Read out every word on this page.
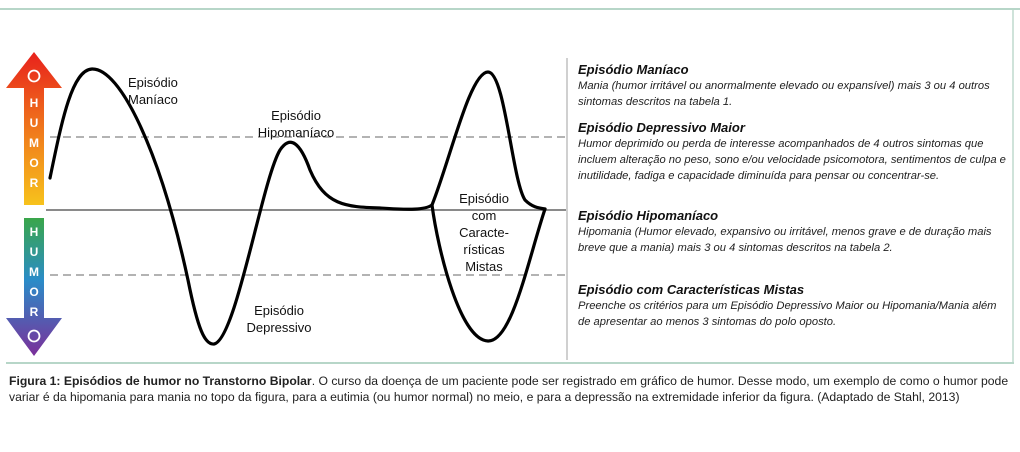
H
U
M
O
R
H
U
M
O
R
Episódio
Maníaco
Episódio
Hipomaníaco
Episódio
Depressivo
Episódio
com
Caracte-
rísticas
Mistas
Episódio Maníaco

Mania (humor irritável ou anormalmente elevado ou expansível) mais 3 ou 4 outros sintomas descritos na tabela 1.

Episódio Depressivo Maior

Humor deprimido ou perda de interesse acompanhados de 4 outros sintomas que incluem alteração no peso, sono e/ou velocidade psicomotora, sentimentos de culpa e inutilidade, fadiga e capacidade diminuída para pensar ou concentrar-se.

Episódio Hipomaníaco

Hipomania (Humor elevado, expansivo ou irritável, menos grave e de duração mais breve que a mania) mais 3 ou 4 sintomas descritos na tabela 2.

Episódio com Características Mistas

Preenche os critérios para um Episódio Depressivo Maior ou Hipomania/Mania além de apresentar ao menos 3 sintomas do polo oposto.

Figura 1: Episódios de humor no Transtorno Bipolar. O curso da doença de um paciente pode ser registrado em gráfico de humor. Desse modo, um exemplo de como o humor pode variar é da hipomania para mania no topo da figura, para a eutimia (ou humor normal) no meio, e para a depressão na extremidade inferior da figura. (Adaptado de Stahl, 2013)
